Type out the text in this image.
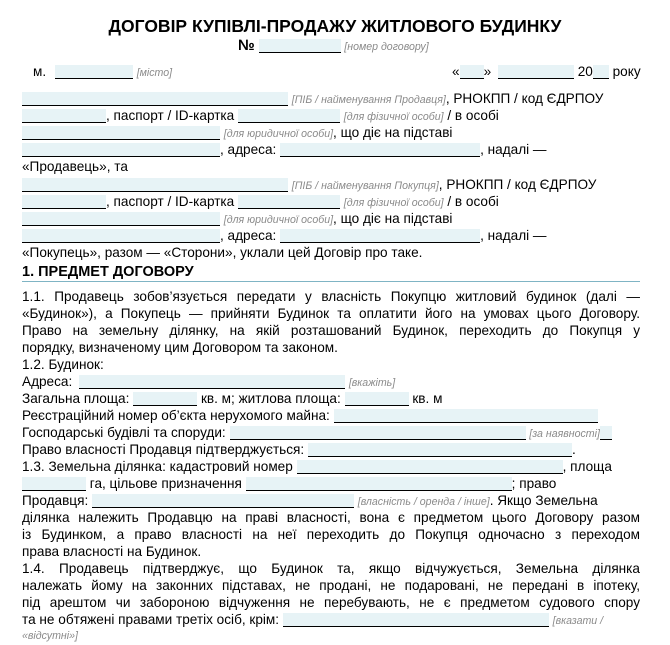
ДОГОВІР КУПІВЛІ-ПРОДАЖУ ЖИТЛОВОГО БУДИНКУ
№	[номер договору]
м.	[місто]	« »	20 року
[ПІБ / найменування Продавця], РНОКПП / код ЄДРПОУ
, паспорт / ID-картка	[для фізичної особи] / в особі
[для юридичної особи], що діє на підставі
, адреса:	, надалі —
«Продавець», та
[ПІБ / найменування Покупця], РНОКПП / код ЄДРПОУ
, паспорт / ID-картка	[для фізичної особи] / в особі
[для юридичної особи], що діє на підставі
, адреса:	, надалі —
«Покупець», разом — «Сторони», уклали цей Договір про таке.
1. ПРЕДМЕТ ДОГОВОРУ
1.1. Продавець зобов’язується передати у власність Покупцю житловий будинок (далі —
«Будинок»), а Покупець — прийняти Будинок та оплатити його на умовах цього Договору.
Право на земельну ділянку, на якій розташований Будинок, переходить до Покупця у
порядку, визначеному цим Договором та законом.
1.2. Будинок:
Адреса:	[вкажіть]
Загальна площа:	кв. м; житлова площа:	кв. м
Реєстраційний номер об’єкта нерухомого майна:
Господарські будівлі та споруди:	[за наявності]
Право власності Продавця підтверджується:	.
1.3. Земельна ділянка: кадастровий номер	, площа
га, цільове призначення	; право
Продавця:	[власність / оренда / інше]. Якщо Земельна
ділянка належить Продавцю на праві власності, вона є предметом цього Договору разом
із Будинком, а право власності на неї переходить до Покупця одночасно з переходом
права власності на Будинок.
1.4. Продавець підтверджує, що Будинок та, якщо відчужується, Земельна ділянка
належать йому на законних підставах, не продані, не подаровані, не передані в іпотеку,
під арештом чи забороною відчуження не перебувають, не є предметом судового спору
та не обтяжені правами третіх осіб, крім:	[вказати /
«відсутні»]
